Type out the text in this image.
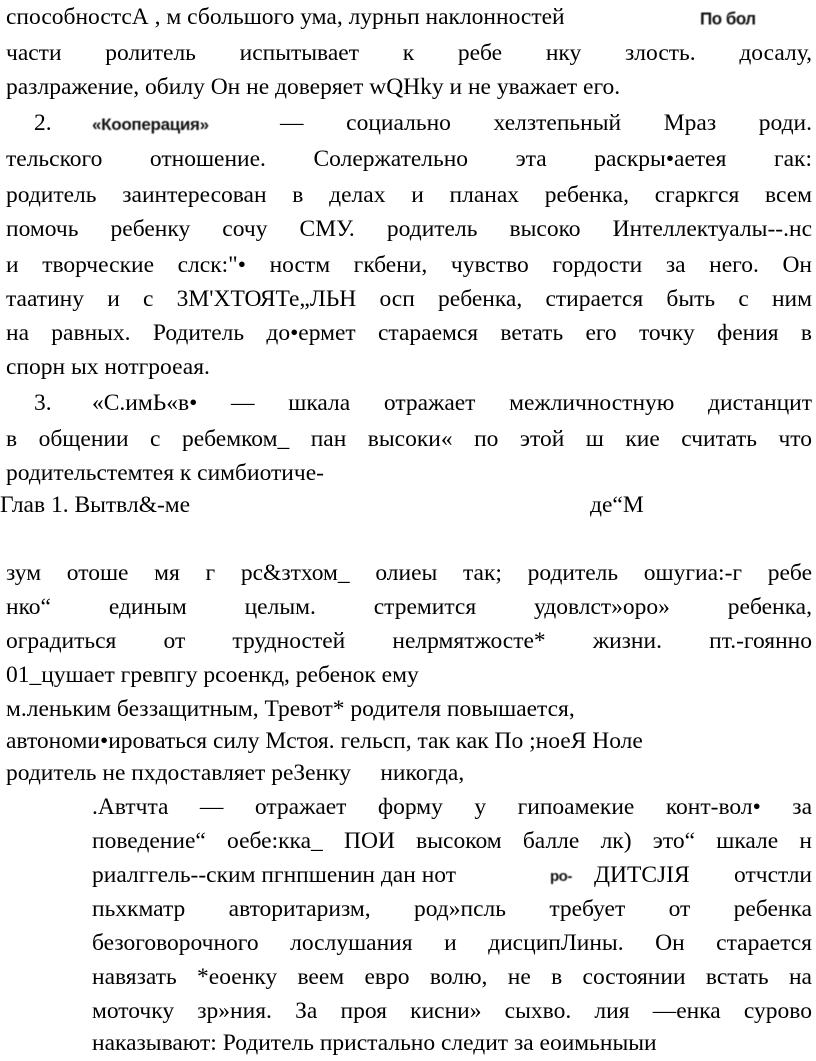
способностсА , м сбольшого ума, лурньп наклонностей	По бол
части ролитель испытывает к ребе нку злость. досалу,
разлражение, обилу Он не доверяет wQHky и не уважает его.
2.	«Кооперация»	— социально хелзтепьный Мраз роди.
тельского отношение. Солержательно эта раскры•аетея гак:
родитель заинтересован в делах и планах ребенка, сгаркгся всем
помочь ребенку сочу СМУ. родитель высоко Интеллектуалы--.нс
и творческие слск:"• ностм гкбени, чувство гордости за него. Он
таатину и с 3М'ХТОЯТе„ЛЬН осп ребенка, стирается быть с ним
на равных. Родитель до•ермет стараемся ветать его точку фения в
спорн ых нотгроеая.
3.	«С.имЬ«в• — шкала отражает межличностную дистанцит
в общении с ребемком_ пан высоки« по этой ш кие считать что
родительстемтея к симбиотиче-
Глав 1. Вытвл&-ме	де“М
зум отоше мя г рс&зтхом_ олиеы так; родитель ошугиа:-г ребе
нко“ единым целым. стремится удовлст»оро» ребенка,
оградиться от трудностей нелрмятжосте* жизни. пт.-гоянно
01_цушает гревпгу рсоенкд, ребенок ему
м.леньким беззащитным, Тревот* родителя повышается,
автономи•ироваться силу Мстоя. гельсп, так как По ;ноеЯ Ноле
родитель не пхдоставляет реЗенку     никогда,
.Автчта — отражает форму у гипоамекие конт-вол• за
поведение“ оебе:кка_ ПОИ высоком балле лк) это“ шкале н
риалггель--ским пгнпшенин дан нот	ро- ДИТСJIЯ отчстли
пьхкматр авторитаризм, род»псль требует от ребенка
безоговорочного лослушания и дисципЛины. Он старается
навязать *еоенку веем евро волю, не в состоянии встать на
моточку зр»ния. За проя кисни» сыхво. лия —енка сурово
наказывают: Родитель пристально следит за еоимьныыи
